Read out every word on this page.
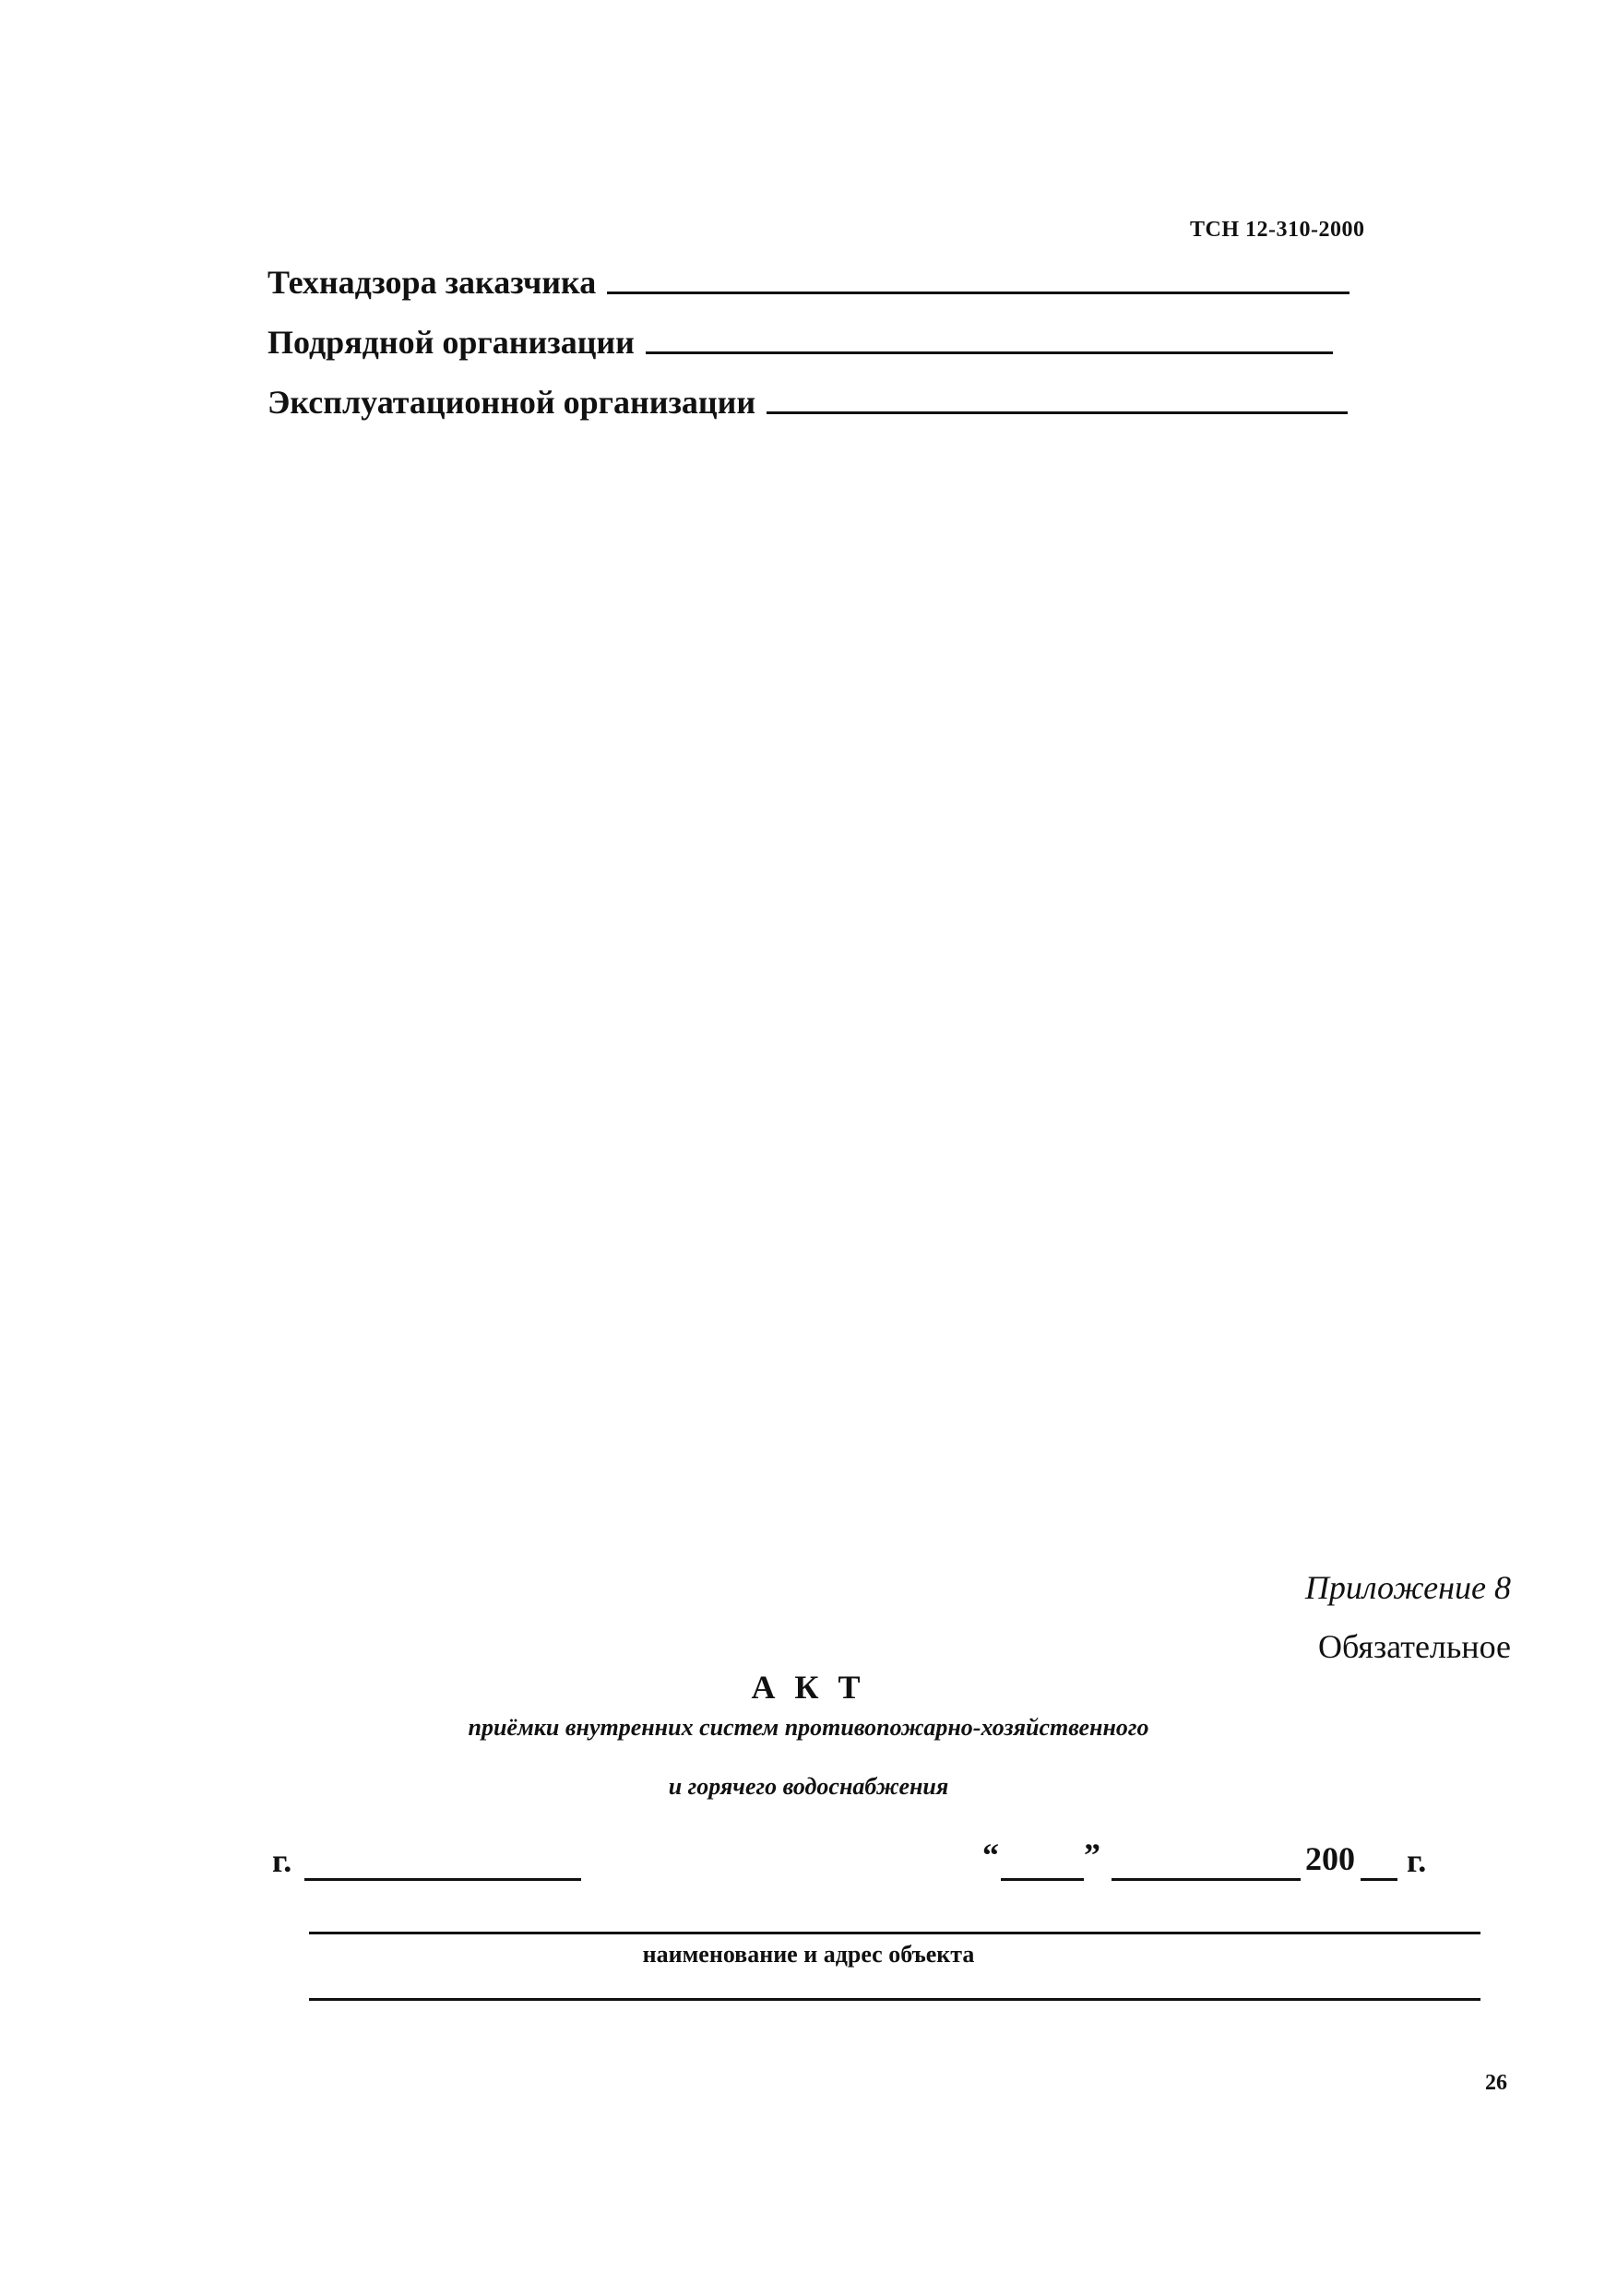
ТСН 12-310-2000
Технадзора заказчика
Подрядной организации
Эксплуатационной организации
Приложение 8
Обязательное
А К Т
приёмки внутренних систем противопожарно-хозяйственного
и горячего водоснабжения
г.	“	”	200 г.
наименование и адрес объекта
26
